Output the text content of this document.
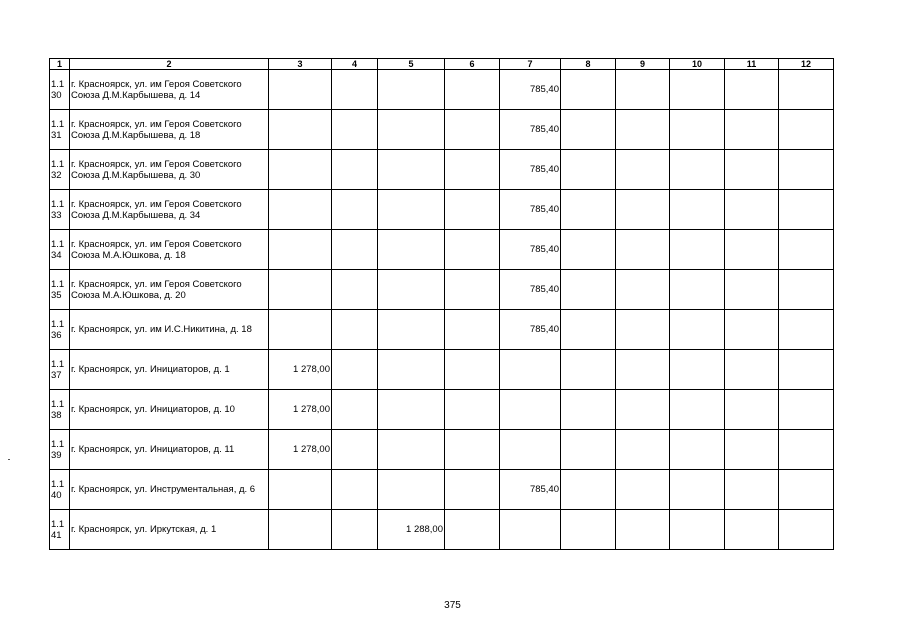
1	2	3	4	5	6	7	8	9	10	11	12
1.1 30	г. Красноярск, ул. им Героя Советского Союза Д.М.Карбышева, д. 14					785,40					
1.1 31	г. Красноярск, ул. им Героя Советского Союза Д.М.Карбышева, д. 18					785,40					
1.1 32	г. Красноярск, ул. им Героя Советского Союза Д.М.Карбышева, д. 30					785,40					
1.1 33	г. Красноярск, ул. им Героя Советского Союза Д.М.Карбышева, д. 34					785,40					
1.1 34	г. Красноярск, ул. им Героя Советского Союза М.А.Юшкова, д. 18					785,40					
1.1 35	г. Красноярск, ул. им Героя Советского Союза М.А.Юшкова, д. 20					785,40					
1.1 36	г. Красноярск, ул. им И.С.Никитина, д. 18					785,40					
1.1 37	г. Красноярск, ул. Инициаторов, д. 1	1 278,00									
1.1 38	г. Красноярск, ул. Инициаторов, д. 10	1 278,00									
1.1 39	г. Красноярск, ул. Инициаторов, д. 11	1 278,00									
1.1 40	г. Красноярск, ул. Инструментальная, д. 6					785,40					
1.1 41	г. Красноярск, ул. Иркутская, д. 1			1 288,00							
375
